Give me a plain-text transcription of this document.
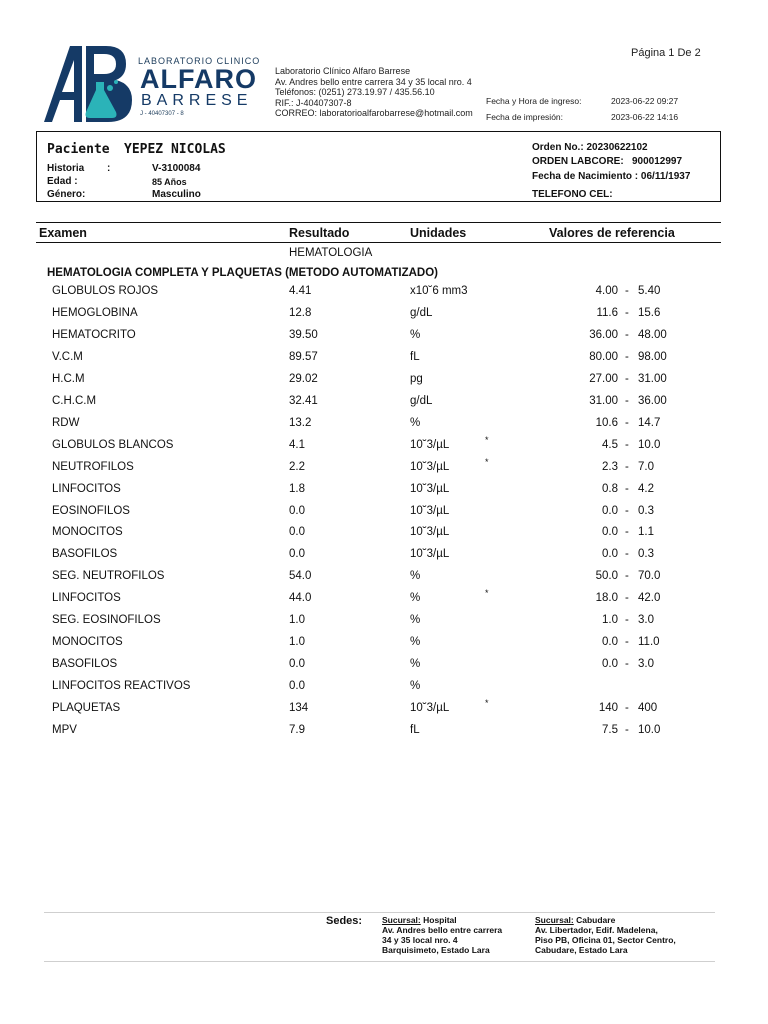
Página 1 De 2
LABORATORIO CLINICO
ALFARO
BARRESE
J - 40407307 - 8
Laboratorio Clínico Alfaro Barrese
Av. Andres bello entre carrera 34 y 35 local nro. 4
Teléfonos: (0251) 273.19.97 / 435.56.10
RIF.: J-40407307-8
CORREO: laboratorioalfarobarrese@hotmail.com
Fecha y Hora de ingreso:	2023-06-22 09:27
Fecha de impresión:	2023-06-22 14:16
Paciente YEPEZ NICOLAS
Historia :	V-3100084
Edad :	85 Años
Género:	Masculino
Orden No.: 20230622102
ORDEN LABCORE: 900012997
Fecha de Nacimiento : 06/11/1937
TELEFONO CEL:
Examen	Resultado	Unidades	Valores de referencia
HEMATOLOGIA
HEMATOLOGIA COMPLETA Y PLAQUETAS (METODO AUTOMATIZADO)
GLOBULOS ROJOS	4.41	x10˘6 mm3	4.00 - 5.40
HEMOGLOBINA	12.8	g/dL	11.6 - 15.6
HEMATOCRITO	39.50	%	36.00 - 48.00
V.C.M	89.57	fL	80.00 - 98.00
H.C.M	29.02	pg	27.00 - 31.00
C.H.C.M	32.41	g/dL	31.00 - 36.00
RDW	13.2	%	10.6 - 14.7
GLOBULOS BLANCOS	4.1	10˘3/µL	*	4.5 - 10.0
NEUTROFILOS	2.2	10˘3/µL	*	2.3 - 7.0
LINFOCITOS	1.8	10˘3/µL	0.8 - 4.2
EOSINOFILOS	0.0	10˘3/µL	0.0 - 0.3
MONOCITOS	0.0	10˘3/µL	0.0 - 1.1
BASOFILOS	0.0	10˘3/µL	0.0 - 0.3
SEG. NEUTROFILOS	54.0	%	50.0 - 70.0
LINFOCITOS	44.0	%	*	18.0 - 42.0
SEG. EOSINOFILOS	1.0	%	1.0 - 3.0
MONOCITOS	1.0	%	0.0 - 11.0
BASOFILOS	0.0	%	0.0 - 3.0
LINFOCITOS REACTIVOS	0.0	%
PLAQUETAS	134	10˘3/µL	*	140 - 400
MPV	7.9	fL	7.5 - 10.0
Sedes: Sucursal: Hospital
Av. Andres bello entre carrera
34 y 35 local nro. 4
Barquisimeto, Estado Lara
Sucursal: Cabudare
Av. Libertador, Edif. Madelena,
Piso PB, Oficina 01, Sector Centro,
Cabudare, Estado Lara
